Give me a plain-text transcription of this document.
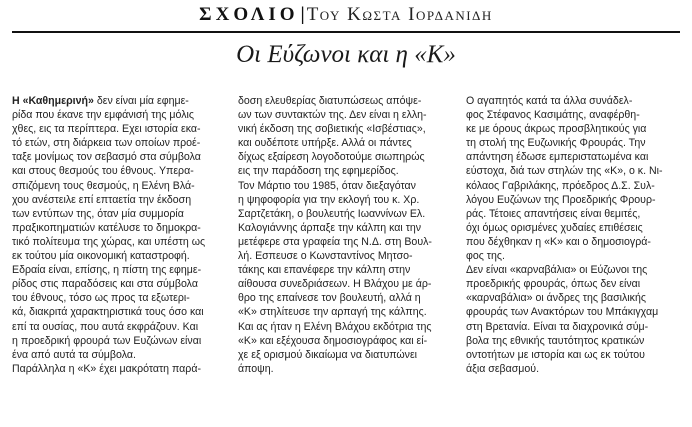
ΣΧΟΛΙΟ | Του Κωστα Ιορδανιδη
Οι Εύζωνοι και η «Κ»

Η «Καθημερινή» δεν είναι μία εφημε-

ρίδα που έκανε την εμφάνισή της μόλις

χθες, εις τα περίπτερα. Εχει ιστορία εκα-

τό ετών, στη διάρκεια των οποίων προέ-

ταξε μονίμως τον σεβασμό στα σύμβολα

και στους θεσμούς του έθνους. Υπερα-

σπιζόμενη τους θεσμούς, η Ελένη Βλά-

χου ανέστειλε επί επταετία την έκδοση

των εντύπων της, όταν μία συμμορία

πραξικοπηματιών κατέλυσε το δημοκρα-

τικό πολίτευμα της χώρας, και υπέστη ως

εκ τούτου μία οικονομική καταστροφή.

Εδραία είναι, επίσης, η πίστη της εφημε-

ρίδος στις παραδόσεις και στα σύμβολα

του έθνους, τόσο ως προς τα εξωτερι-

κά, διακριτά χαρακτηριστικά τους όσο και

επί τα ουσίας, που αυτά εκφράζουν. Και

η προεδρική φρουρά των Ευζώνων είναι

ένα από αυτά τα σύμβολα.

Παράλληλα η «Κ» έχει μακρότατη παρά-

δοση ελευθερίας διατυπώσεως απόψε-

ων των συντακτών της. Δεν είναι η ελλη-

νική έκδοση της σοβιετικής «Ισβέστιας»,

και ουδέποτε υπήρξε. Αλλά οι πάντες

δίχως εξαίρεση λογοδοτούμε σιωπηρώς

εις την παράδοση της εφημερίδος.

Τον Μάρτιο του 1985, όταν διεξαγόταν

η ψηφοφορία για την εκλογή του κ. Χρ.

Σαρτζετάκη, ο βουλευτής Ιωαννίνων Ελ.

Καλογιάννης άρπαξε την κάλπη και την

μετέφερε στα γραφεία της Ν.Δ. στη Βουλ-

λή. Εσπευσε ο Κωνσταντίνος Μητσο-

τάκης και επανέφερε την κάλπη στην

αίθουσα συνεδριάσεων. Η Βλάχου με άρ-

θρο της επαίνεσε τον βουλευτή, αλλά η

«Κ» στηλίτευσε την αρπαγή της κάλπης.

Και ας ήταν η Ελένη Βλάχου εκδότρια της

«Κ» και εξέχουσα δημοσιογράφος και εί-

χε εξ ορισμού δικαίωμα να διατυπώνει

άποψη.

Ο αγαπητός κατά τα άλλα συνάδελ-

φος Στέφανος Κασιμάτης, αναφέρθη-

κε με όρους άκρως προσβλητικούς για

τη στολή της Ευζωνικής Φρουράς. Την

απάντηση έδωσε εμπεριστατωμένα και

εύστοχα, διά των στηλών της «Κ», ο κ. Νι-

κόλαος Γαβριλάκης, πρόεδρος Δ.Σ. Συλ-

λόγου Ευζώνων της Προεδρικής Φρουρ-

ράς. Τέτοιες απαντήσεις είναι θεμιτές,

όχι όμως ορισμένες χυδαίες επιθέσεις

που δέχθηκαν η «Κ» και ο δημοσιογρά-

φος της.

Δεν είναι «καρναβάλια» οι Εύζωνοι της

προεδρικής φρουράς, όπως δεν είναι

«καρναβάλια» οι άνδρες της βασιλικής

φρουράς των Ανακτόρων του Μπάκιγχαμ

στη Βρετανία. Είναι τα διαχρονικά σύμ-

βολα της εθνικής ταυτότητος κρατικών

οντοτήτων με ιστορία και ως εκ τούτου

άξια σεβασμού.
